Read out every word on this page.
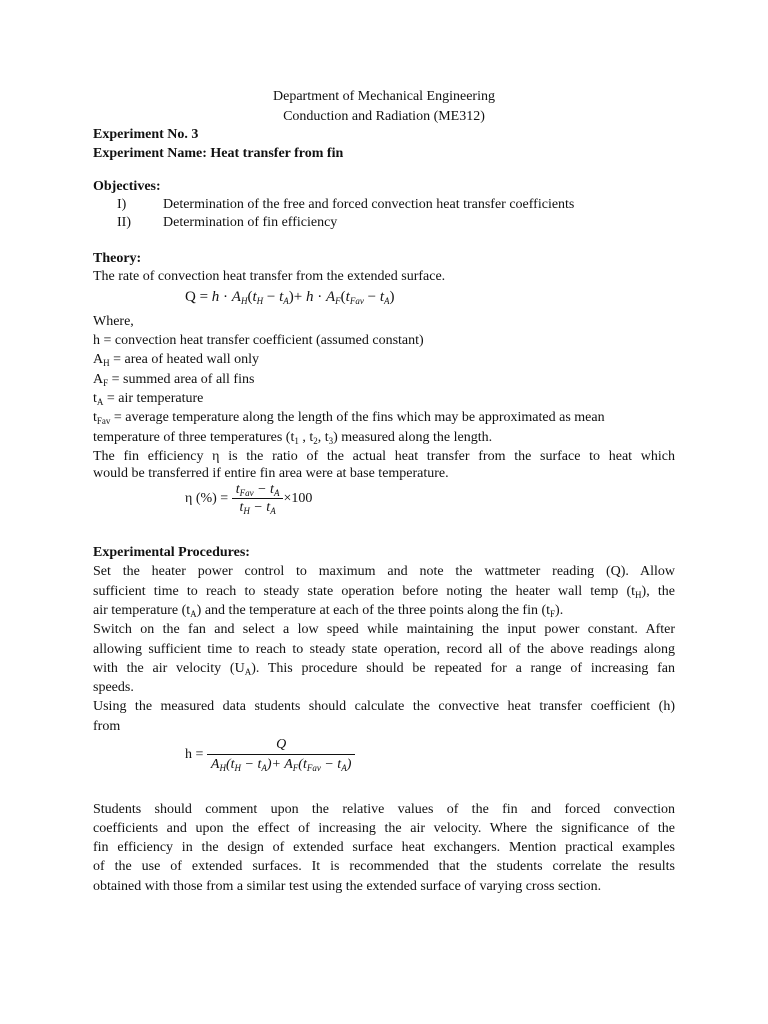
Department of Mechanical Engineering
Conduction and Radiation (ME312)
Experiment No. 3
Experiment Name: Heat transfer from fin
Objectives:
I)	Determination of the free and forced convection heat transfer coefficients
II) Determination of fin efficiency
Theory:
The rate of convection heat transfer from the extended surface.
$Q = h \cdot A_H(t_H - t_A)+ h \cdot A_F(t_{Fav} - t_A)$
Where,
h = convection heat transfer coefficient (assumed constant)
$A_H$ = area of heated wall only
$A_F$ = summed area of all fins
$t_A$ = air temperature
$t_{Fav}$ = average temperature along the length of the fins which may be approximated as mean
temperature of three temperatures ($t_1$ , $t_2$, $t_3$) measured along the length.
The fin efficiency η is the ratio of the actual heat transfer from the surface to heat which
would be transferred if entire fin area were at base temperature.
η (%) = $\frac{t_{Fav} - t_A}{t_H - t_A} \times 100$
Experimental Procedures:
Set the heater power control to maximum and note the wattmeter reading (Q). Allow
sufficient time to reach to steady state operation before noting the heater wall temp $(t_H)$, the
air temperature $(t_A)$ and the temperature at each of the three points along the fin $(t_F)$.
Switch on the fan and select a low speed while maintaining the input power constant. After
allowing sufficient time to reach to steady state operation, record all of the above readings along
with the air velocity $(U_A)$. This procedure should be repeated for a range of increasing fan
speeds.
Using the measured data students should calculate the convective heat transfer coefficient (h)
from
$h = \frac{Q}{A_H(t_H - t_A)+ A_F(t_{Fav} - t_A)}$
Students should comment upon the relative values of the fin and forced convection
coefficients and upon the effect of increasing the air velocity. Where the significance of the
fin efficiency in the design of extended surface heat exchangers. Mention practical examples
of the use of extended surfaces. It is recommended that the students correlate the results
obtained with those from a similar test using the extended surface of varying cross section.
